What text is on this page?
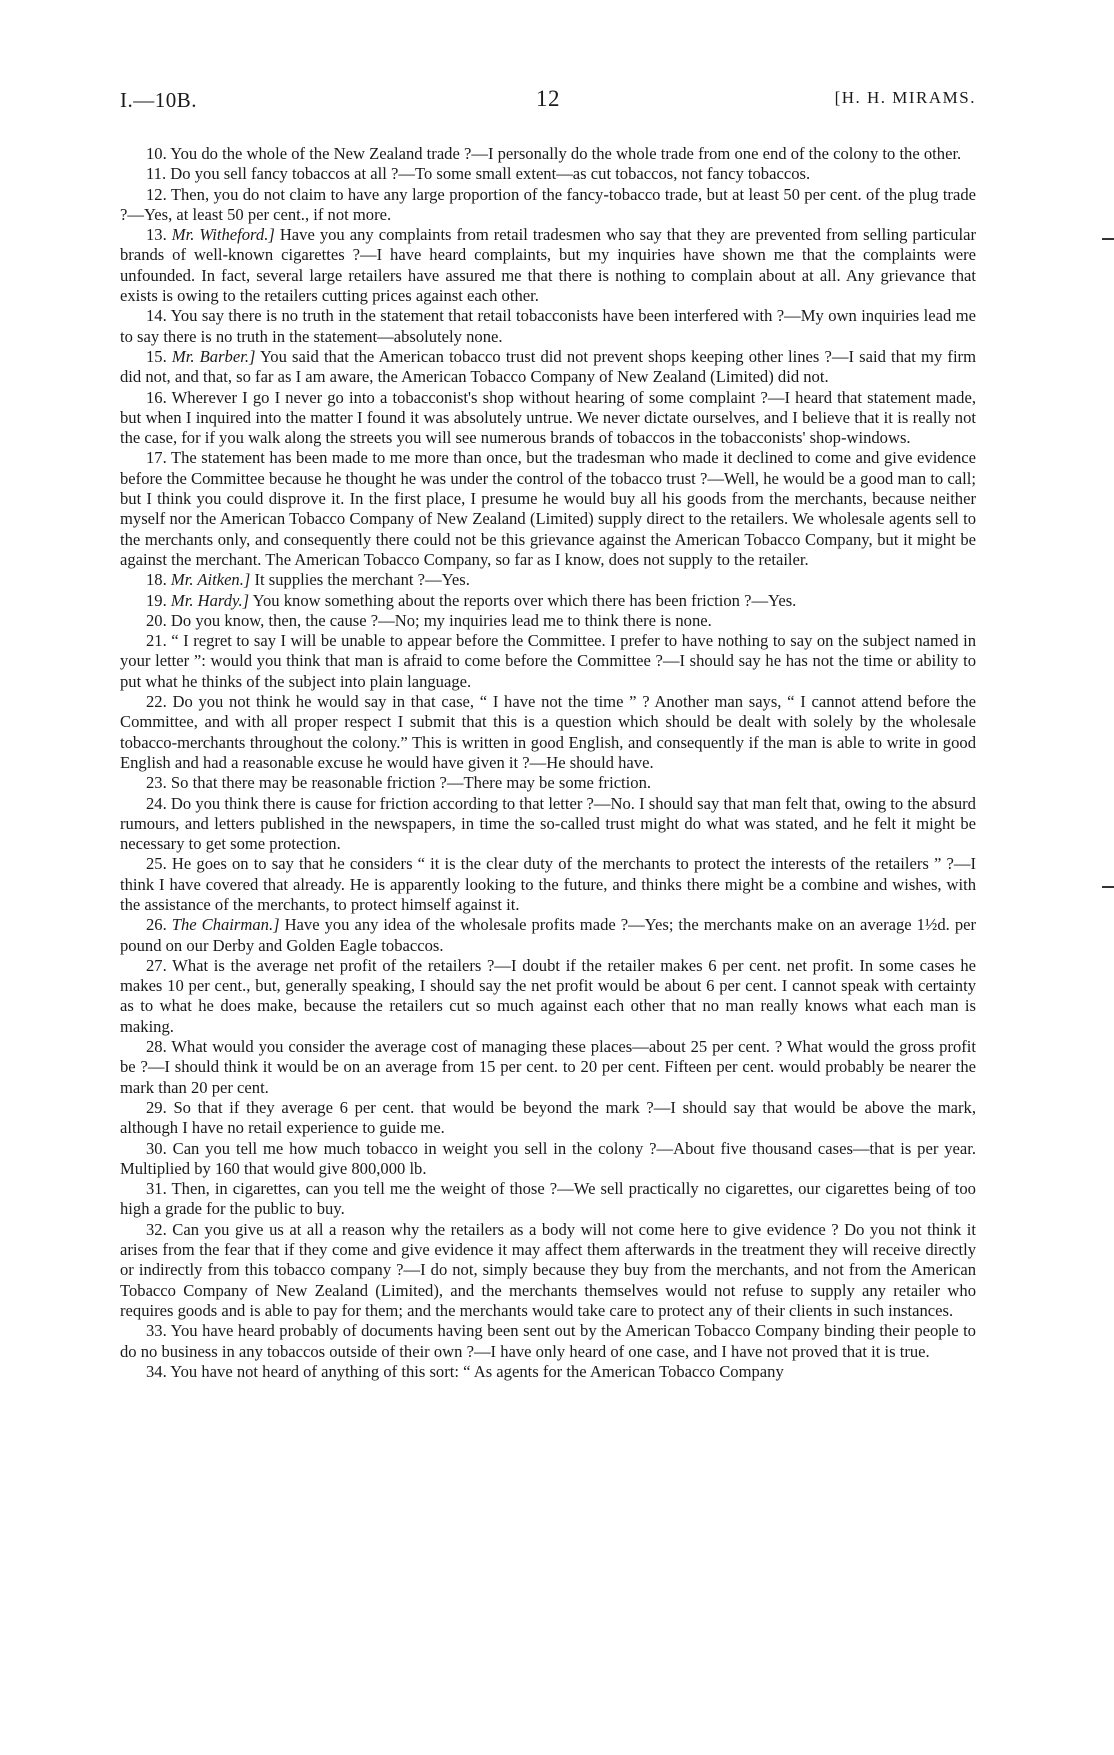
I.—10B.	12	[H. H. MIRAMS.

10. You do the whole of the New Zealand trade ?—I personally do the whole trade from one end of the colony to the other.

11. Do you sell fancy tobaccos at all ?—To some small extent—as cut tobaccos, not fancy tobaccos.

12. Then, you do not claim to have any large proportion of the fancy-tobacco trade, but at least 50 per cent. of the plug trade ?—Yes, at least 50 per cent., if not more.

13. Mr. Witheford.] Have you any complaints from retail tradesmen who say that they are prevented from selling particular brands of well-known cigarettes ?—I have heard complaints, but my inquiries have shown me that the complaints were unfounded. In fact, several large retailers have assured me that there is nothing to complain about at all. Any grievance that exists is owing to the retailers cutting prices against each other.

14. You say there is no truth in the statement that retail tobacconists have been interfered with ?—My own inquiries lead me to say there is no truth in the statement—absolutely none.

15. Mr. Barber.] You said that the American tobacco trust did not prevent shops keeping other lines ?—I said that my firm did not, and that, so far as I am aware, the American Tobacco Company of New Zealand (Limited) did not.

16. Wherever I go I never go into a tobacconist's shop without hearing of some complaint ?—I heard that statement made, but when I inquired into the matter I found it was absolutely untrue. We never dictate ourselves, and I believe that it is really not the case, for if you walk along the streets you will see numerous brands of tobaccos in the tobacconists' shop-windows.

17. The statement has been made to me more than once, but the tradesman who made it declined to come and give evidence before the Committee because he thought he was under the control of the tobacco trust ?—Well, he would be a good man to call; but I think you could disprove it. In the first place, I presume he would buy all his goods from the merchants, because neither myself nor the American Tobacco Company of New Zealand (Limited) supply direct to the retailers. We wholesale agents sell to the merchants only, and consequently there could not be this grievance against the American Tobacco Company, but it might be against the merchant. The American Tobacco Company, so far as I know, does not supply to the retailer.

18. Mr. Aitken.] It supplies the merchant ?—Yes.

19. Mr. Hardy.] You know something about the reports over which there has been friction ?—Yes.

20. Do you know, then, the cause ?—No; my inquiries lead me to think there is none.

21. “ I regret to say I will be unable to appear before the Committee. I prefer to have nothing to say on the subject named in your letter ”: would you think that man is afraid to come before the Committee ?—I should say he has not the time or ability to put what he thinks of the subject into plain language.

22. Do you not think he would say in that case, “ I have not the time ” ? Another man says, “ I cannot attend before the Committee, and with all proper respect I submit that this is a question which should be dealt with solely by the wholesale tobacco-merchants throughout the colony.” This is written in good English, and consequently if the man is able to write in good English and had a reasonable excuse he would have given it ?—He should have.

23. So that there may be reasonable friction ?—There may be some friction.

24. Do you think there is cause for friction according to that letter ?—No. I should say that man felt that, owing to the absurd rumours, and letters published in the newspapers, in time the so-called trust might do what was stated, and he felt it might be necessary to get some protection.

25. He goes on to say that he considers “ it is the clear duty of the merchants to protect the interests of the retailers ” ?—I think I have covered that already. He is apparently looking to the future, and thinks there might be a combine and wishes, with the assistance of the merchants, to protect himself against it.

26. The Chairman.] Have you any idea of the wholesale profits made ?—Yes; the merchants make on an average 1½d. per pound on our Derby and Golden Eagle tobaccos.

27. What is the average net profit of the retailers ?—I doubt if the retailer makes 6 per cent. net profit. In some cases he makes 10 per cent., but, generally speaking, I should say the net profit would be about 6 per cent. I cannot speak with certainty as to what he does make, because the retailers cut so much against each other that no man really knows what each man is making.

28. What would you consider the average cost of managing these places—about 25 per cent. ? What would the gross profit be ?—I should think it would be on an average from 15 per cent. to 20 per cent. Fifteen per cent. would probably be nearer the mark than 20 per cent.

29. So that if they average 6 per cent. that would be beyond the mark ?—I should say that would be above the mark, although I have no retail experience to guide me.

30. Can you tell me how much tobacco in weight you sell in the colony ?—About five thousand cases—that is per year. Multiplied by 160 that would give 800,000 lb.

31. Then, in cigarettes, can you tell me the weight of those ?—We sell practically no cigarettes, our cigarettes being of too high a grade for the public to buy.

32. Can you give us at all a reason why the retailers as a body will not come here to give evidence ? Do you not think it arises from the fear that if they come and give evidence it may affect them afterwards in the treatment they will receive directly or indirectly from this tobacco company ?—I do not, simply because they buy from the merchants, and not from the American Tobacco Company of New Zealand (Limited), and the merchants themselves would not refuse to supply any retailer who requires goods and is able to pay for them; and the merchants would take care to protect any of their clients in such instances.

33. You have heard probably of documents having been sent out by the American Tobacco Company binding their people to do no business in any tobaccos outside of their own ?—I have only heard of one case, and I have not proved that it is true.

34. You have not heard of anything of this sort: “ As agents for the American Tobacco Company
